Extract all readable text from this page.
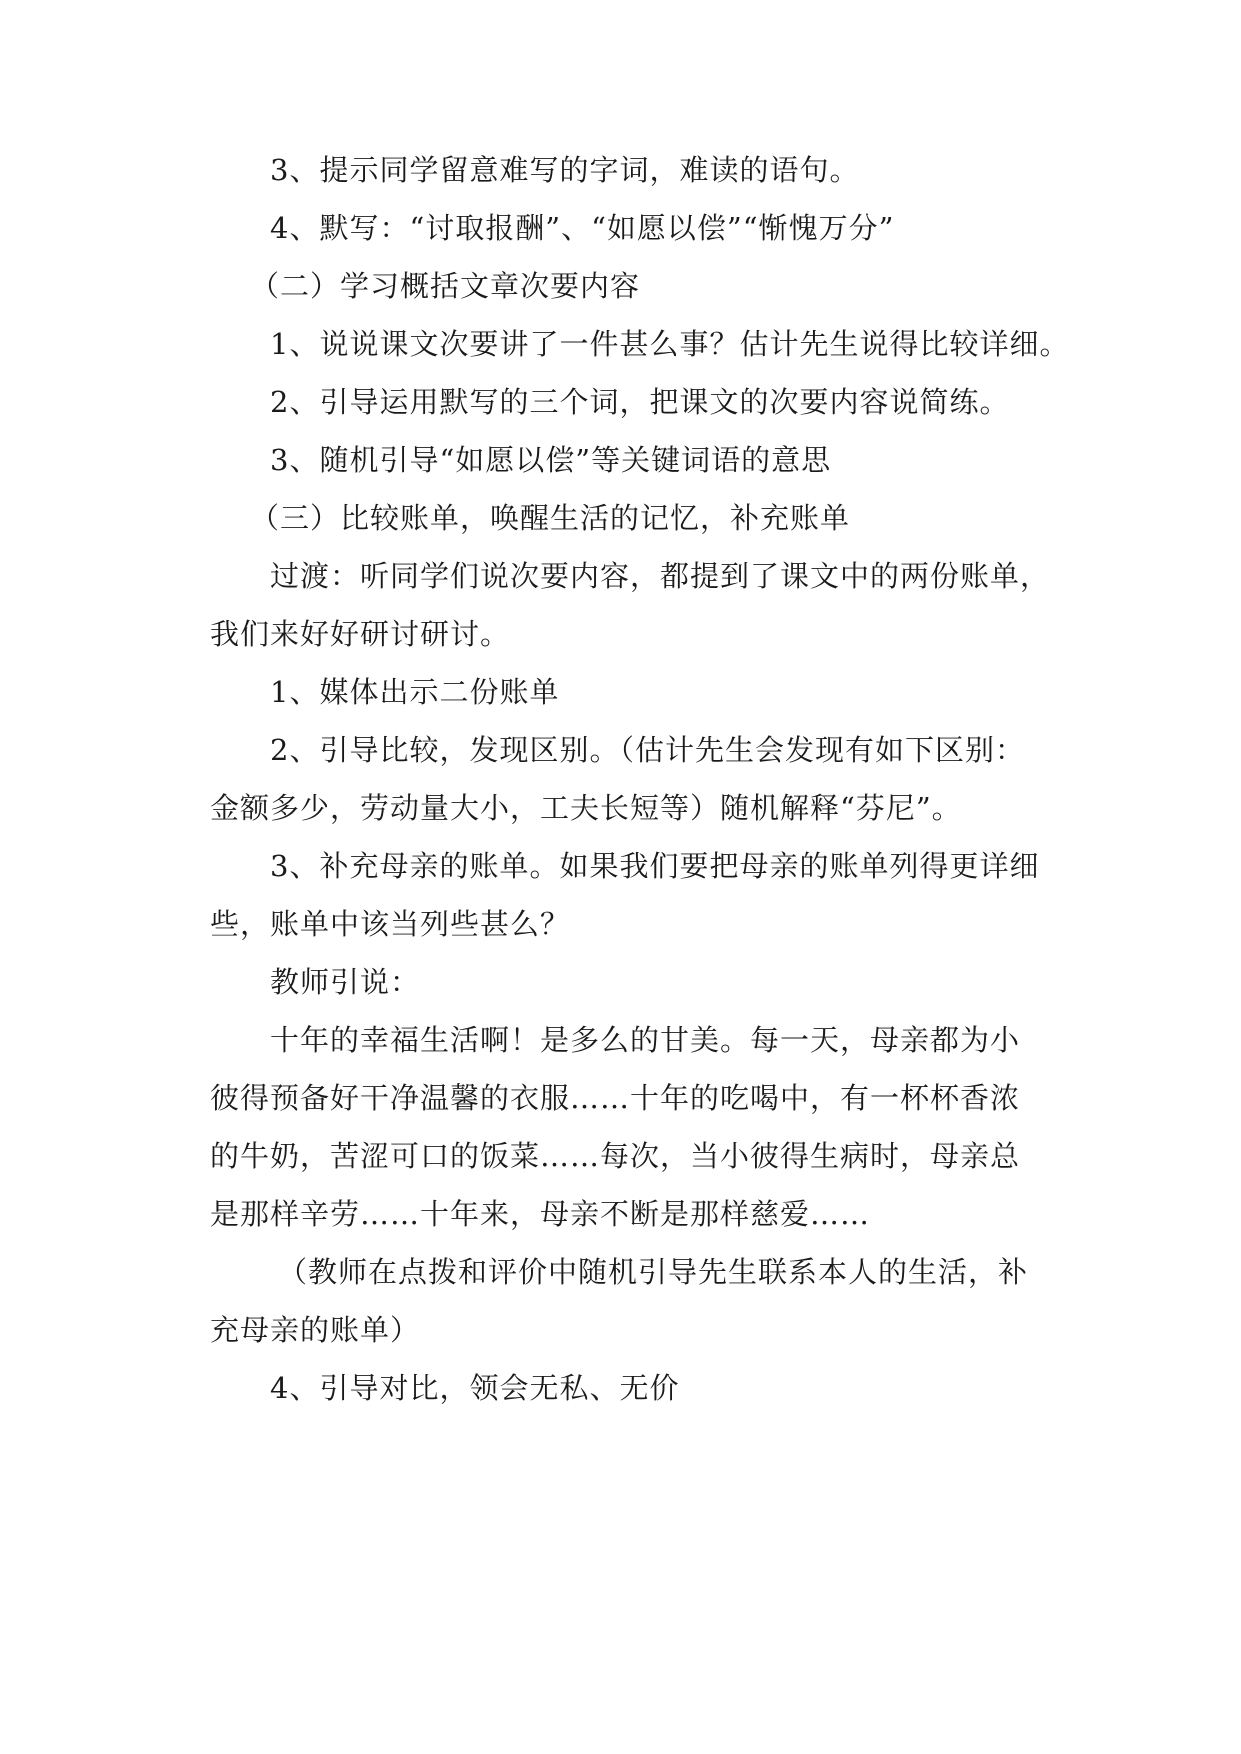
3、提示同学留意难写的字词，难读的语句。
4、默写：“讨取报酬”、“如愿以偿”“惭愧万分”
（二）学习概括文章次要内容
1、说说课文次要讲了一件甚么事？估计先生说得比较详细。
2、引导运用默写的三个词，把课文的次要内容说简练。
3、随机引导“如愿以偿”等关键词语的意思
（三）比较账单，唤醒生活的记忆，补充账单
过渡：听同学们说次要内容，都提到了课文中的两份账单，
我们来好好研讨研讨。
1、媒体出示二份账单
2、引导比较，发现区别。（估计先生会发现有如下区别：
金额多少，劳动量大小，工夫长短等）随机解释“芬尼”。
3、补充母亲的账单。如果我们要把母亲的账单列得更详细
些，账单中该当列些甚么？
教师引说：
十年的幸福生活啊！是多么的甘美。每一天，母亲都为小
彼得预备好干净温馨的衣服……十年的吃喝中，有一杯杯香浓
的牛奶，苦涩可口的饭菜……每次，当小彼得生病时，母亲总
是那样辛劳……十年来，母亲不断是那样慈爱……
（教师在点拨和评价中随机引导先生联系本人的生活，补
充母亲的账单）
4、引导对比，领会无私、无价
